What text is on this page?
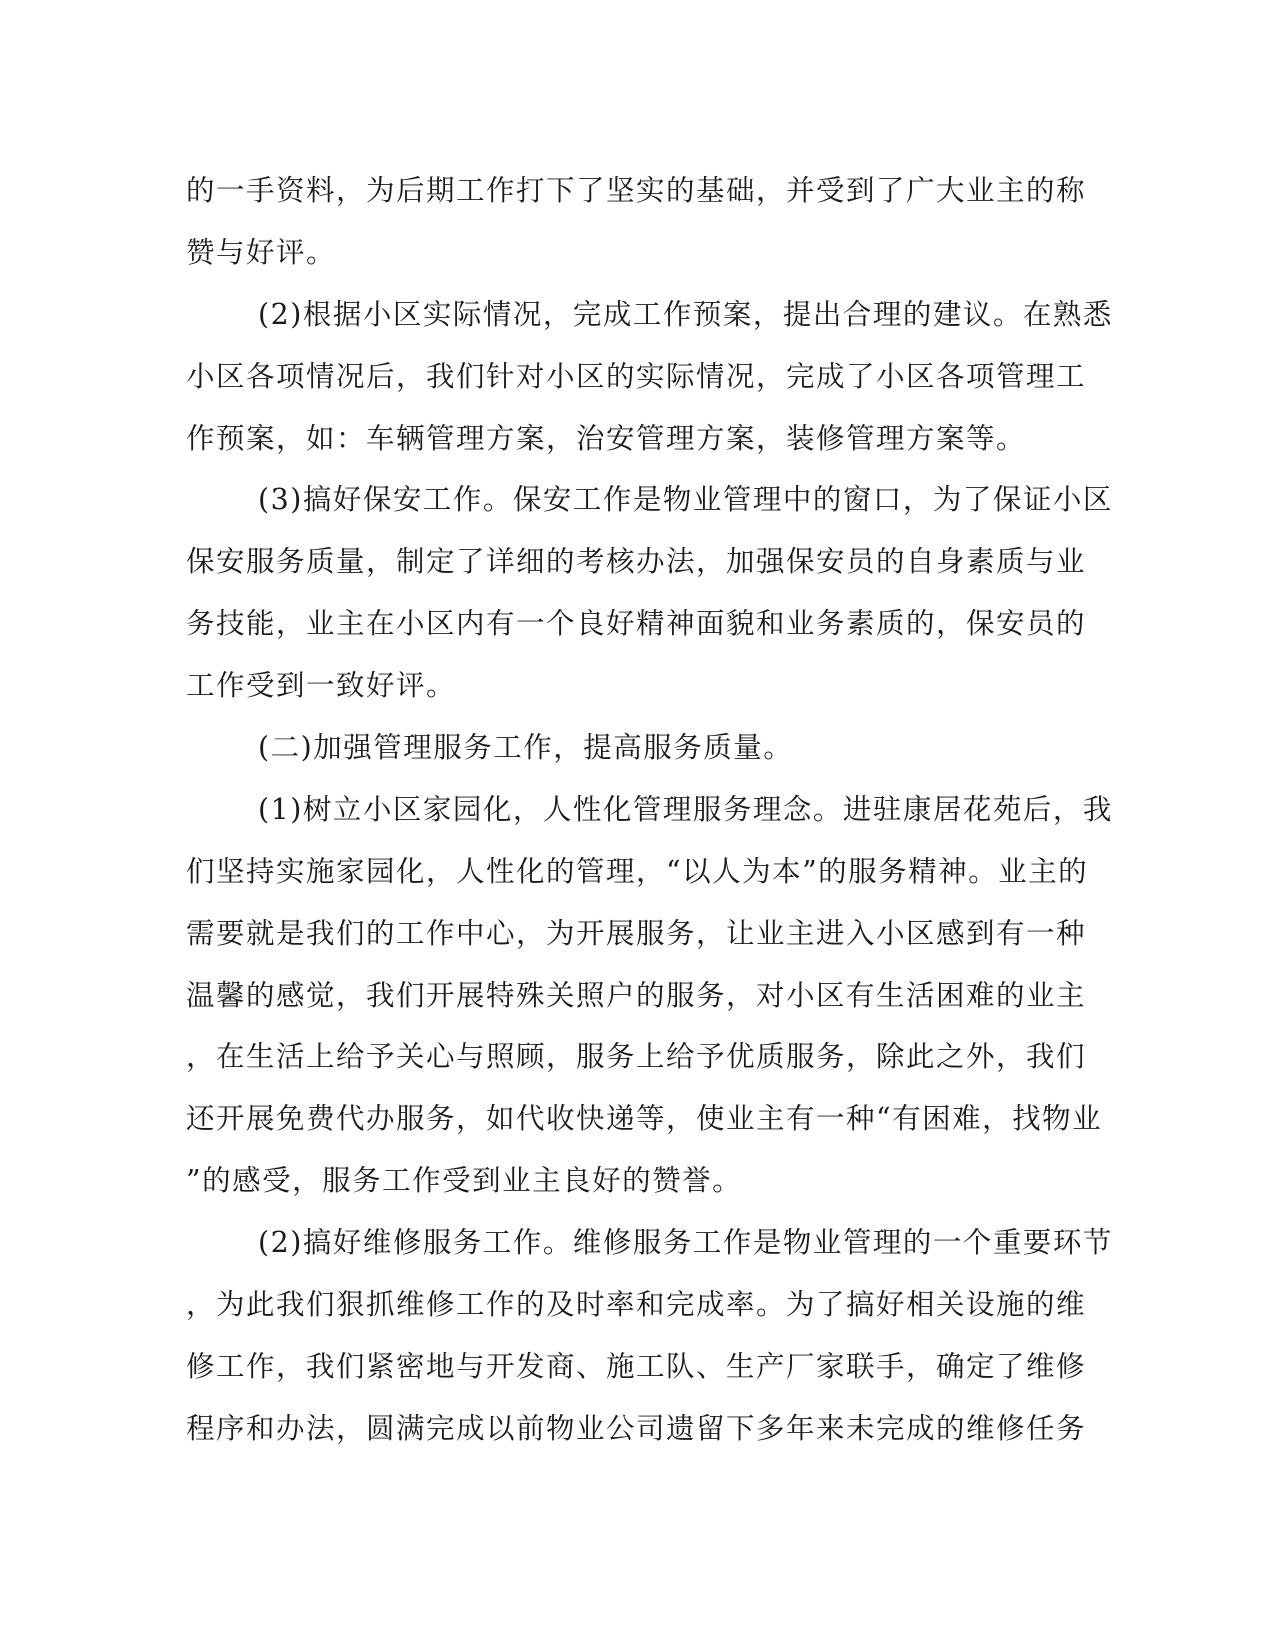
的一手资料，为后期工作打下了坚实的基础，并受到了广大业主的称
赞与好评。
(2)根据小区实际情况，完成工作预案，提出合理的建议。在熟悉
小区各项情况后，我们针对小区的实际情况，完成了小区各项管理工
作预案，如：车辆管理方案，治安管理方案，装修管理方案等。
(3)搞好保安工作。保安工作是物业管理中的窗口，为了保证小区
保安服务质量，制定了详细的考核办法，加强保安员的自身素质与业
务技能，业主在小区内有一个良好精神面貌和业务素质的，保安员的
工作受到一致好评。
(二)加强管理服务工作，提高服务质量。
(1)树立小区家园化，人性化管理服务理念。进驻康居花苑后，我
们坚持实施家园化，人性化的管理，“以人为本”的服务精神。业主的
需要就是我们的工作中心，为开展服务，让业主进入小区感到有一种
温馨的感觉，我们开展特殊关照户的服务，对小区有生活困难的业主
，在生活上给予关心与照顾，服务上给予优质服务，除此之外，我们
还开展免费代办服务，如代收快递等，使业主有一种“有困难，找物业
”的感受，服务工作受到业主良好的赞誉。
(2)搞好维修服务工作。维修服务工作是物业管理的一个重要环节
，为此我们狠抓维修工作的及时率和完成率。为了搞好相关设施的维
修工作，我们紧密地与开发商、施工队、生产厂家联手，确定了维修
程序和办法，圆满完成以前物业公司遗留下多年来未完成的维修任务
